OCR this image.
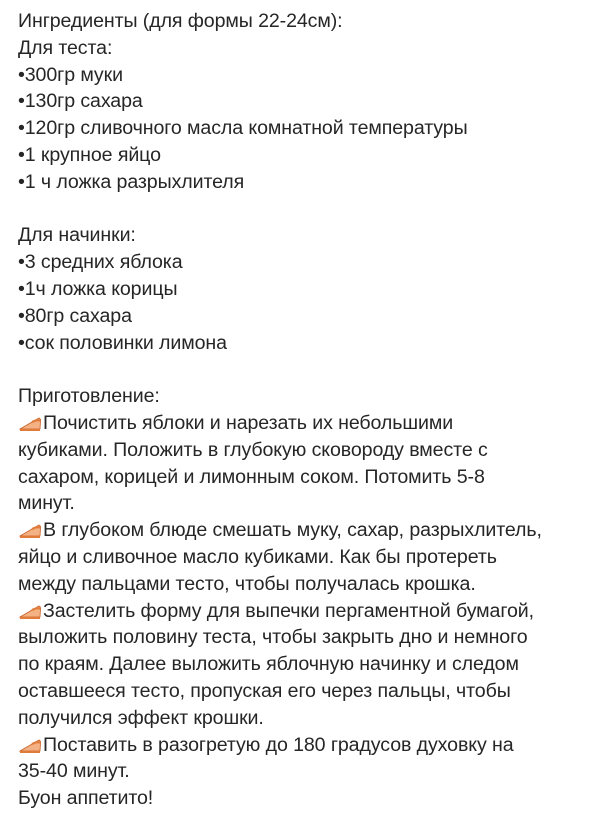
Ингредиенты (для формы 22-24см):
Для теста:
•300гр муки
•130гр сахара
•120гр сливочного масла комнатной температуры
•1 крупное яйцо
•1 ч ложка разрыхлителя
Для начинки:
•3 средних яблока
•1ч ложка корицы
•80гр сахара
•сок половинки лимона
Приготовление:
Почистить яблоки и нарезать их небольшими
кубиками. Положить в глубокую сковороду вместе с
сахаром, корицей и лимонным соком. Потомить 5-8
минут.
В глубоком блюде смешать муку, сахар, разрыхлитель,
яйцо и сливочное масло кубиками. Как бы протереть
между пальцами тесто, чтобы получалась крошка.
Застелить форму для выпечки пергаментной бумагой,
выложить половину теста, чтобы закрыть дно и немного
по краям. Далее выложить яблочную начинку и следом
оставшееся тесто, пропуская его через пальцы, чтобы
получился эффект крошки.
Поставить в разогретую до 180 градусов духовку на
35-40 минут.
Буон аппетито!
